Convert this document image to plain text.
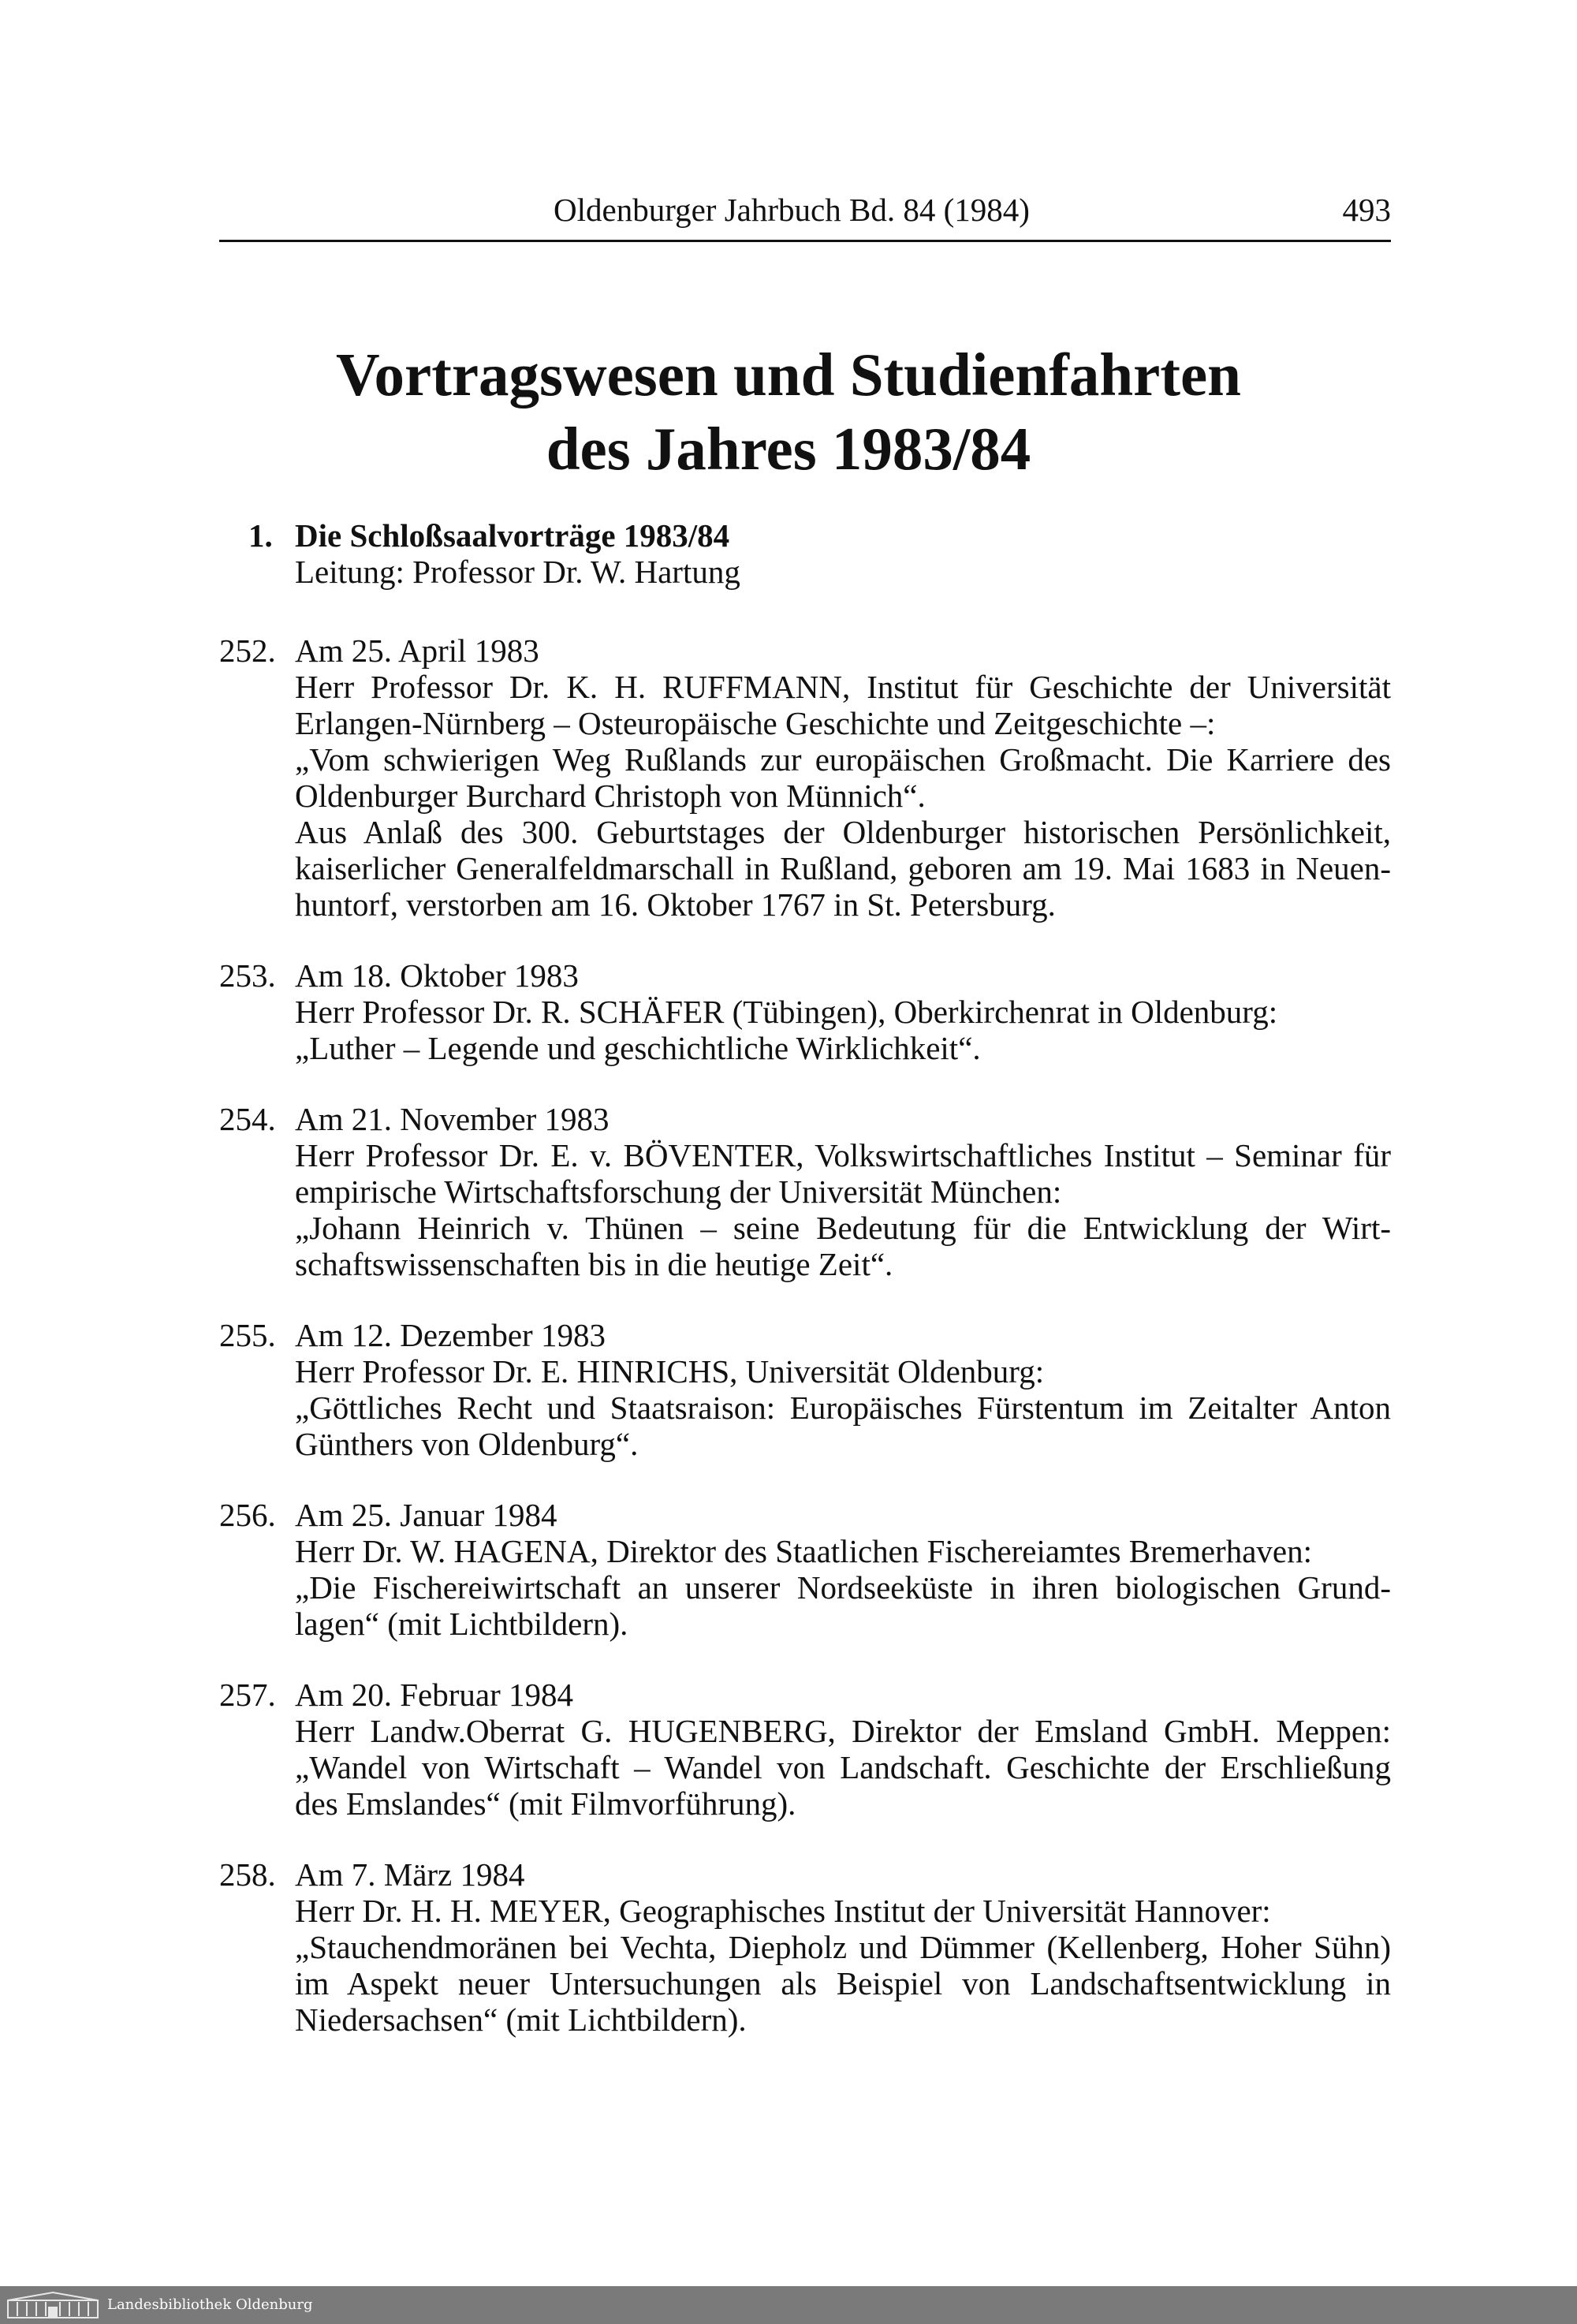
Oldenburger Jahrbuch Bd. 84 (1984)	493
Vortragswesen und Studienfahrten
des Jahres 1983/84
1. Die Schloßsaalvorträge 1983/84
Leitung: Professor Dr. W. Hartung
252. Am 25. April 1983
Herr Professor Dr. K. H. RUFFMANN, Institut für Geschichte der Universität
Erlangen-Nürnberg – Osteuropäische Geschichte und Zeitgeschichte –:
„Vom schwierigen Weg Rußlands zur europäischen Großmacht. Die Karriere des
Oldenburger Burchard Christoph von Münnich“.
Aus Anlaß des 300. Geburtstages der Oldenburger historischen Persönlichkeit,
kaiserlicher Generalfeldmarschall in Rußland, geboren am 19. Mai 1683 in Neuen-
huntorf, verstorben am 16. Oktober 1767 in St. Petersburg.
253. Am 18. Oktober 1983
Herr Professor Dr. R. SCHÄFER (Tübingen), Oberkirchenrat in Oldenburg:
„Luther – Legende und geschichtliche Wirklichkeit“.
254. Am 21. November 1983
Herr Professor Dr. E. v. BÖVENTER, Volkswirtschaftliches Institut – Seminar für
empirische Wirtschaftsforschung der Universität München:
„Johann Heinrich v. Thünen – seine Bedeutung für die Entwicklung der Wirt-
schaftswissenschaften bis in die heutige Zeit“.
255. Am 12. Dezember 1983
Herr Professor Dr. E. HINRICHS, Universität Oldenburg:
„Göttliches Recht und Staatsraison: Europäisches Fürstentum im Zeitalter Anton
Günthers von Oldenburg“.
256. Am 25. Januar 1984
Herr Dr. W. HAGENA, Direktor des Staatlichen Fischereiamtes Bremerhaven:
„Die Fischereiwirtschaft an unserer Nordseeküste in ihren biologischen Grund-
lagen“ (mit Lichtbildern).
257. Am 20. Februar 1984
Herr Landw.Oberrat G. HUGENBERG, Direktor der Emsland GmbH. Meppen:
„Wandel von Wirtschaft – Wandel von Landschaft. Geschichte der Erschließung
des Emslandes“ (mit Filmvorführung).
258. Am 7. März 1984
Herr Dr. H. H. MEYER, Geographisches Institut der Universität Hannover:
„Stauchendmoränen bei Vechta, Diepholz und Dümmer (Kellenberg, Hoher Sühn)
im Aspekt neuer Untersuchungen als Beispiel von Landschaftsentwicklung in
Niedersachsen“ (mit Lichtbildern).
Landesbibliothek Oldenburg
